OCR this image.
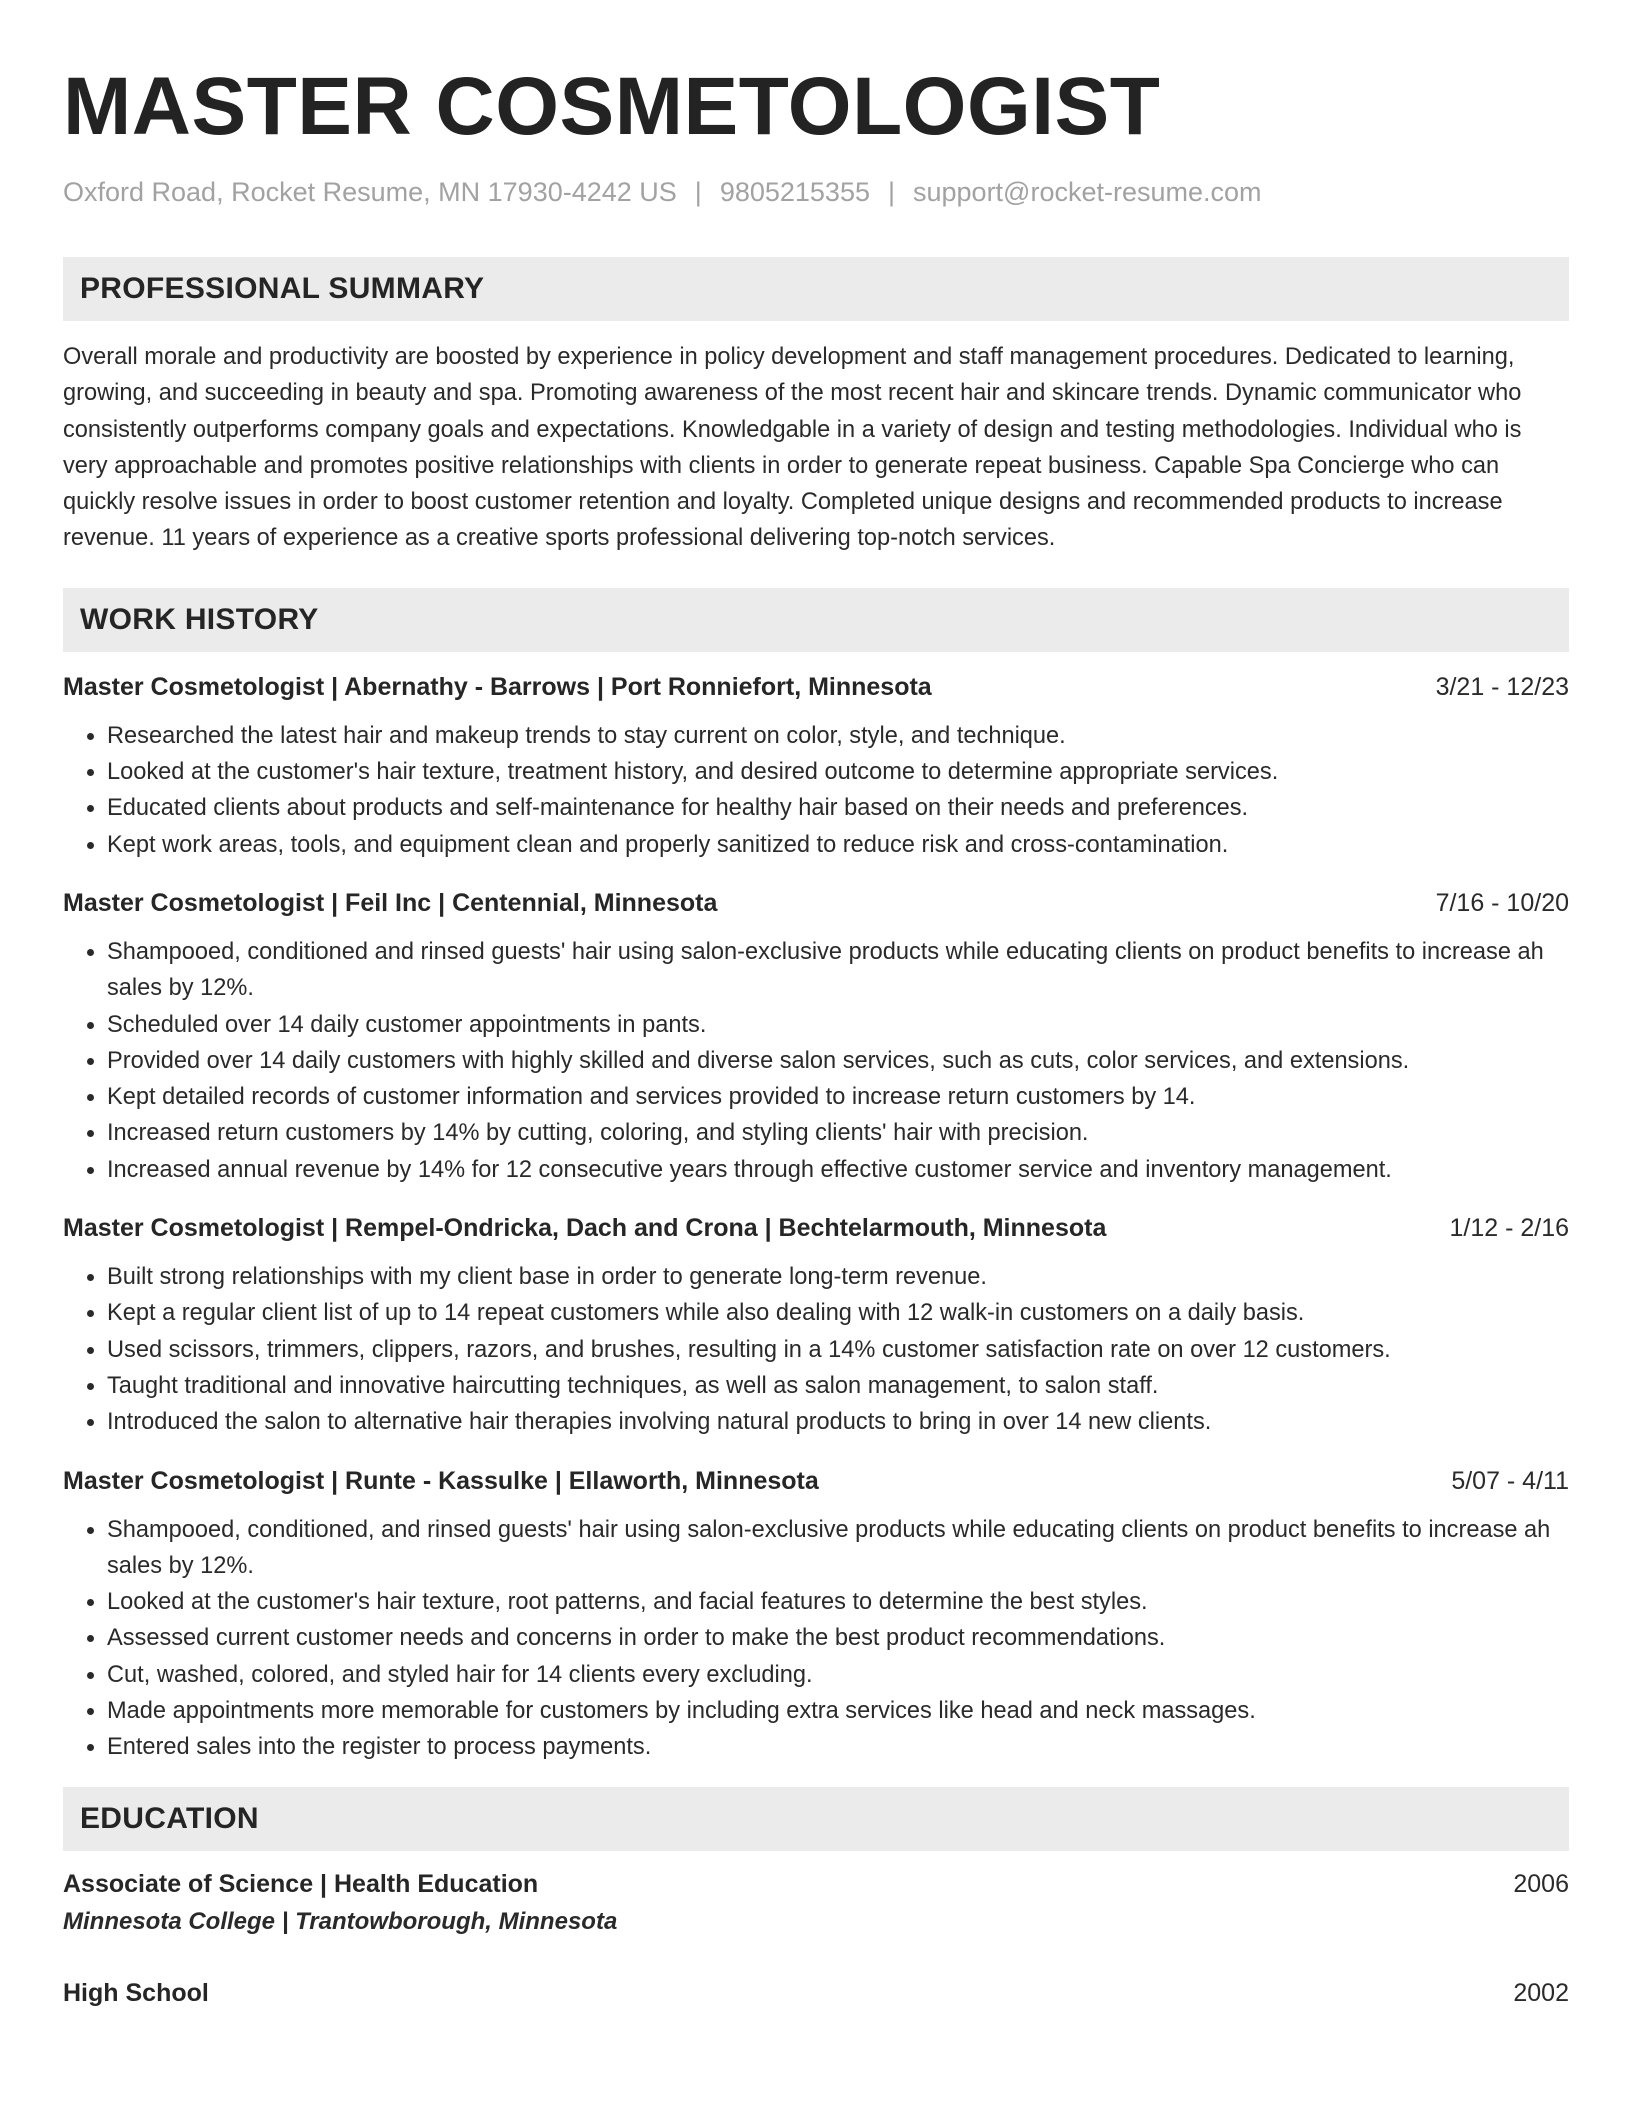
MASTER COSMETOLOGIST
Oxford Road, Rocket Resume, MN 17930-4242 US | 9805215355 | support@rocket-resume.com
PROFESSIONAL SUMMARY
Overall morale and productivity are boosted by experience in policy development and staff management procedures. Dedicated to learning, growing, and succeeding in beauty and spa. Promoting awareness of the most recent hair and skincare trends. Dynamic communicator who consistently outperforms company goals and expectations. Knowledgable in a variety of design and testing methodologies. Individual who is very approachable and promotes positive relationships with clients in order to generate repeat business. Capable Spa Concierge who can quickly resolve issues in order to boost customer retention and loyalty. Completed unique designs and recommended products to increase revenue. 11 years of experience as a creative sports professional delivering top-notch services.
WORK HISTORY
Master Cosmetologist | Abernathy - Barrows | Port Ronniefort, Minnesota	3/21 - 12/23
• Researched the latest hair and makeup trends to stay current on color, style, and technique.
• Looked at the customer's hair texture, treatment history, and desired outcome to determine appropriate services.
• Educated clients about products and self-maintenance for healthy hair based on their needs and preferences.
• Kept work areas, tools, and equipment clean and properly sanitized to reduce risk and cross-contamination.
Master Cosmetologist | Feil Inc | Centennial, Minnesota	7/16 - 10/20
• Shampooed, conditioned and rinsed guests' hair using salon-exclusive products while educating clients on product benefits to increase ah sales by 12%.
• Scheduled over 14 daily customer appointments in pants.
• Provided over 14 daily customers with highly skilled and diverse salon services, such as cuts, color services, and extensions.
• Kept detailed records of customer information and services provided to increase return customers by 14.
• Increased return customers by 14% by cutting, coloring, and styling clients' hair with precision.
• Increased annual revenue by 14% for 12 consecutive years through effective customer service and inventory management.
Master Cosmetologist | Rempel-Ondricka, Dach and Crona | Bechtelarmouth, Minnesota	1/12 - 2/16
• Built strong relationships with my client base in order to generate long-term revenue.
• Kept a regular client list of up to 14 repeat customers while also dealing with 12 walk-in customers on a daily basis.
• Used scissors, trimmers, clippers, razors, and brushes, resulting in a 14% customer satisfaction rate on over 12 customers.
• Taught traditional and innovative haircutting techniques, as well as salon management, to salon staff.
• Introduced the salon to alternative hair therapies involving natural products to bring in over 14 new clients.
Master Cosmetologist | Runte - Kassulke | Ellaworth, Minnesota	5/07 - 4/11
• Shampooed, conditioned, and rinsed guests' hair using salon-exclusive products while educating clients on product benefits to increase ah sales by 12%.
• Looked at the customer's hair texture, root patterns, and facial features to determine the best styles.
• Assessed current customer needs and concerns in order to make the best product recommendations.
• Cut, washed, colored, and styled hair for 14 clients every excluding.
• Made appointments more memorable for customers by including extra services like head and neck massages.
• Entered sales into the register to process payments.
EDUCATION
Associate of Science | Health Education	2006
Minnesota College | Trantowborough, Minnesota
High School	2002
